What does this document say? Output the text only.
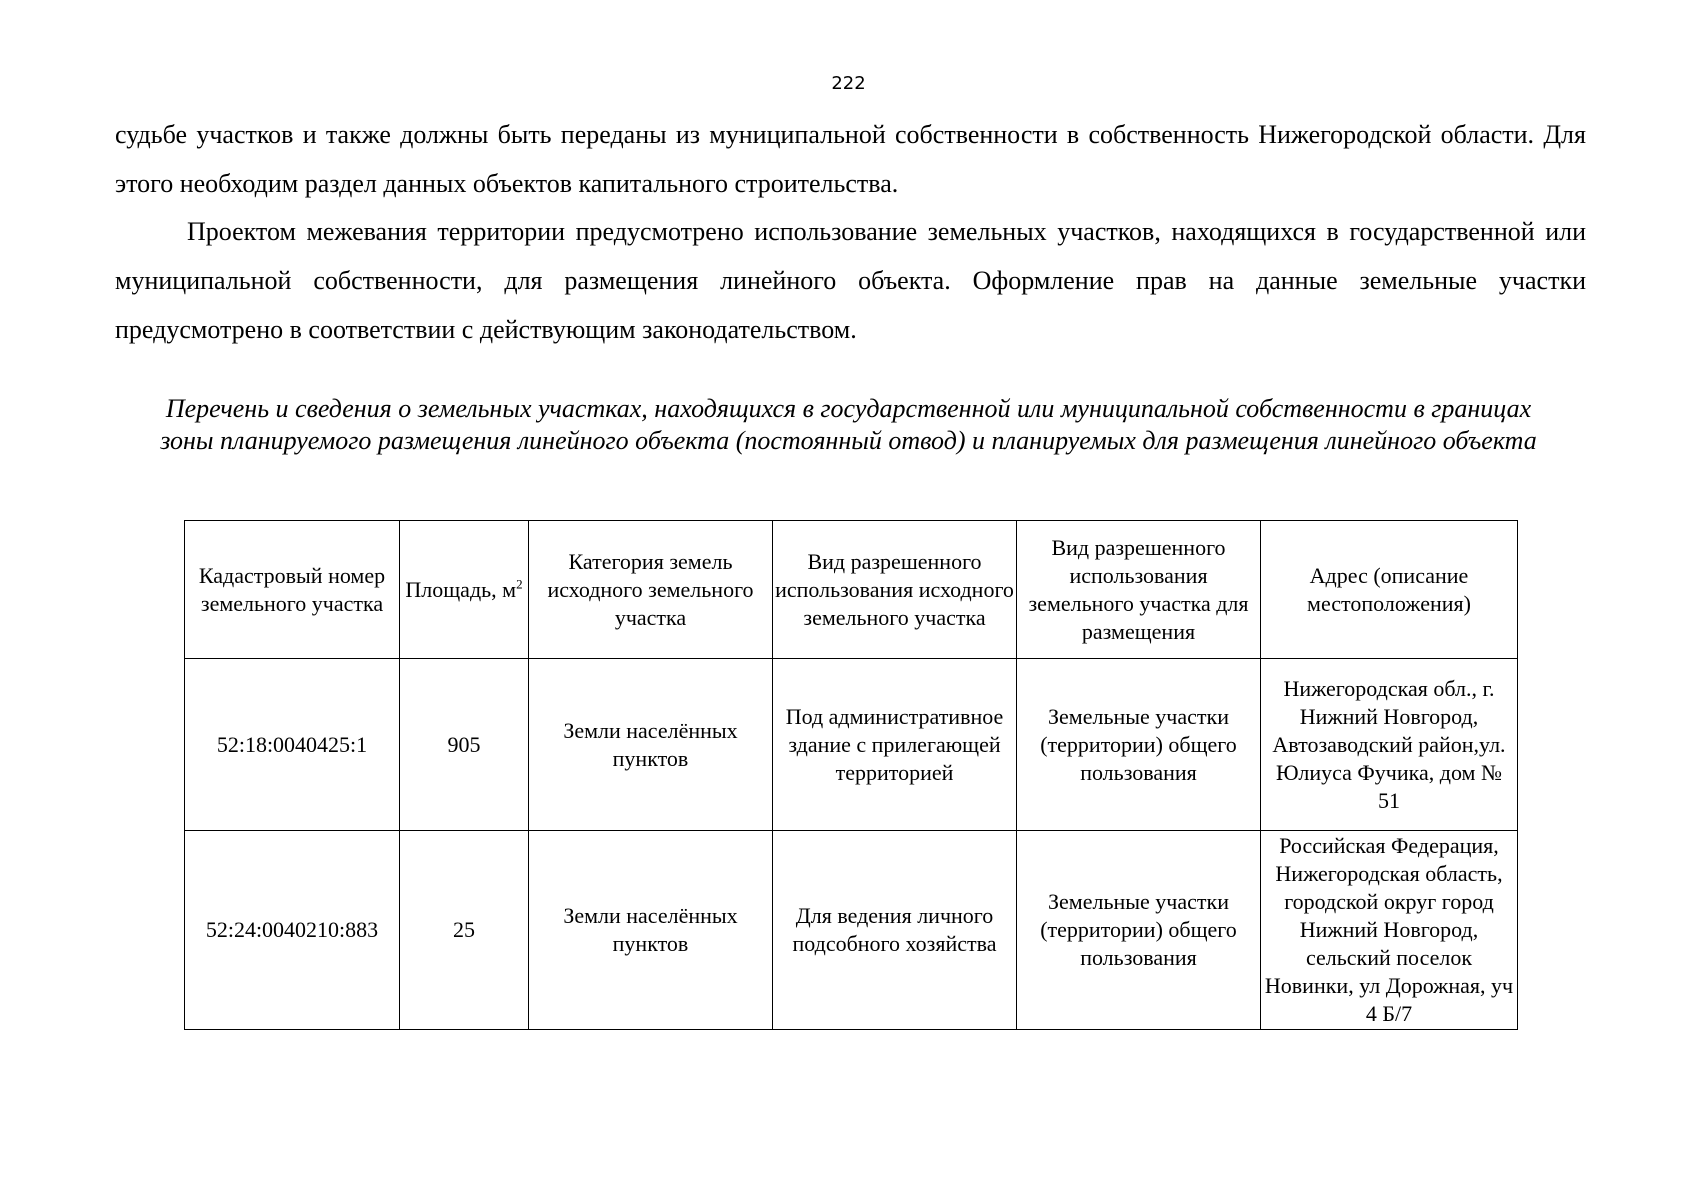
222

судьбе участков и также должны быть переданы из муниципальной собственности в собственность Нижегородской области. Для этого необходим раздел данных объектов капитального строительства.

Проектом межевания территории предусмотрено использование земельных участков, находящихся в государственной или муниципальной собственности, для размещения линейного объекта. Оформление прав на данные земельные участки предусмотрено в соответствии с действующим законодательством.

Перечень и сведения о земельных участках, находящихся в государственной или муниципальной собственности в границах зоны планируемого размещения линейного объекта (постоянный отвод) и планируемых для размещения линейного объекта
Кадастровый номер земельного участка	Площадь, $м^2$	Категория земель исходного земельного участка	Вид разрешенного использования исходного земельного участка	Вид разрешенного использования земельного участка для размещения	Адрес (описание местоположения)
52:18:0040425:1	905	Земли населённых пунктов	Под административное здание с прилегающей территорией	Земельные участки (территории) общего пользования	Нижегородская обл., г. Нижний Новгород, Автозаводский район,ул. Юлиуса Фучика, дом № 51
52:24:0040210:883	25	Земли населённых пунктов	Для ведения личного подсобного хозяйства	Земельные участки (территории) общего пользования	Российская Федерация, Нижегородская область, городской округ город Нижний Новгород, сельский поселок Новинки, ул Дорожная, уч 4 Б/7
